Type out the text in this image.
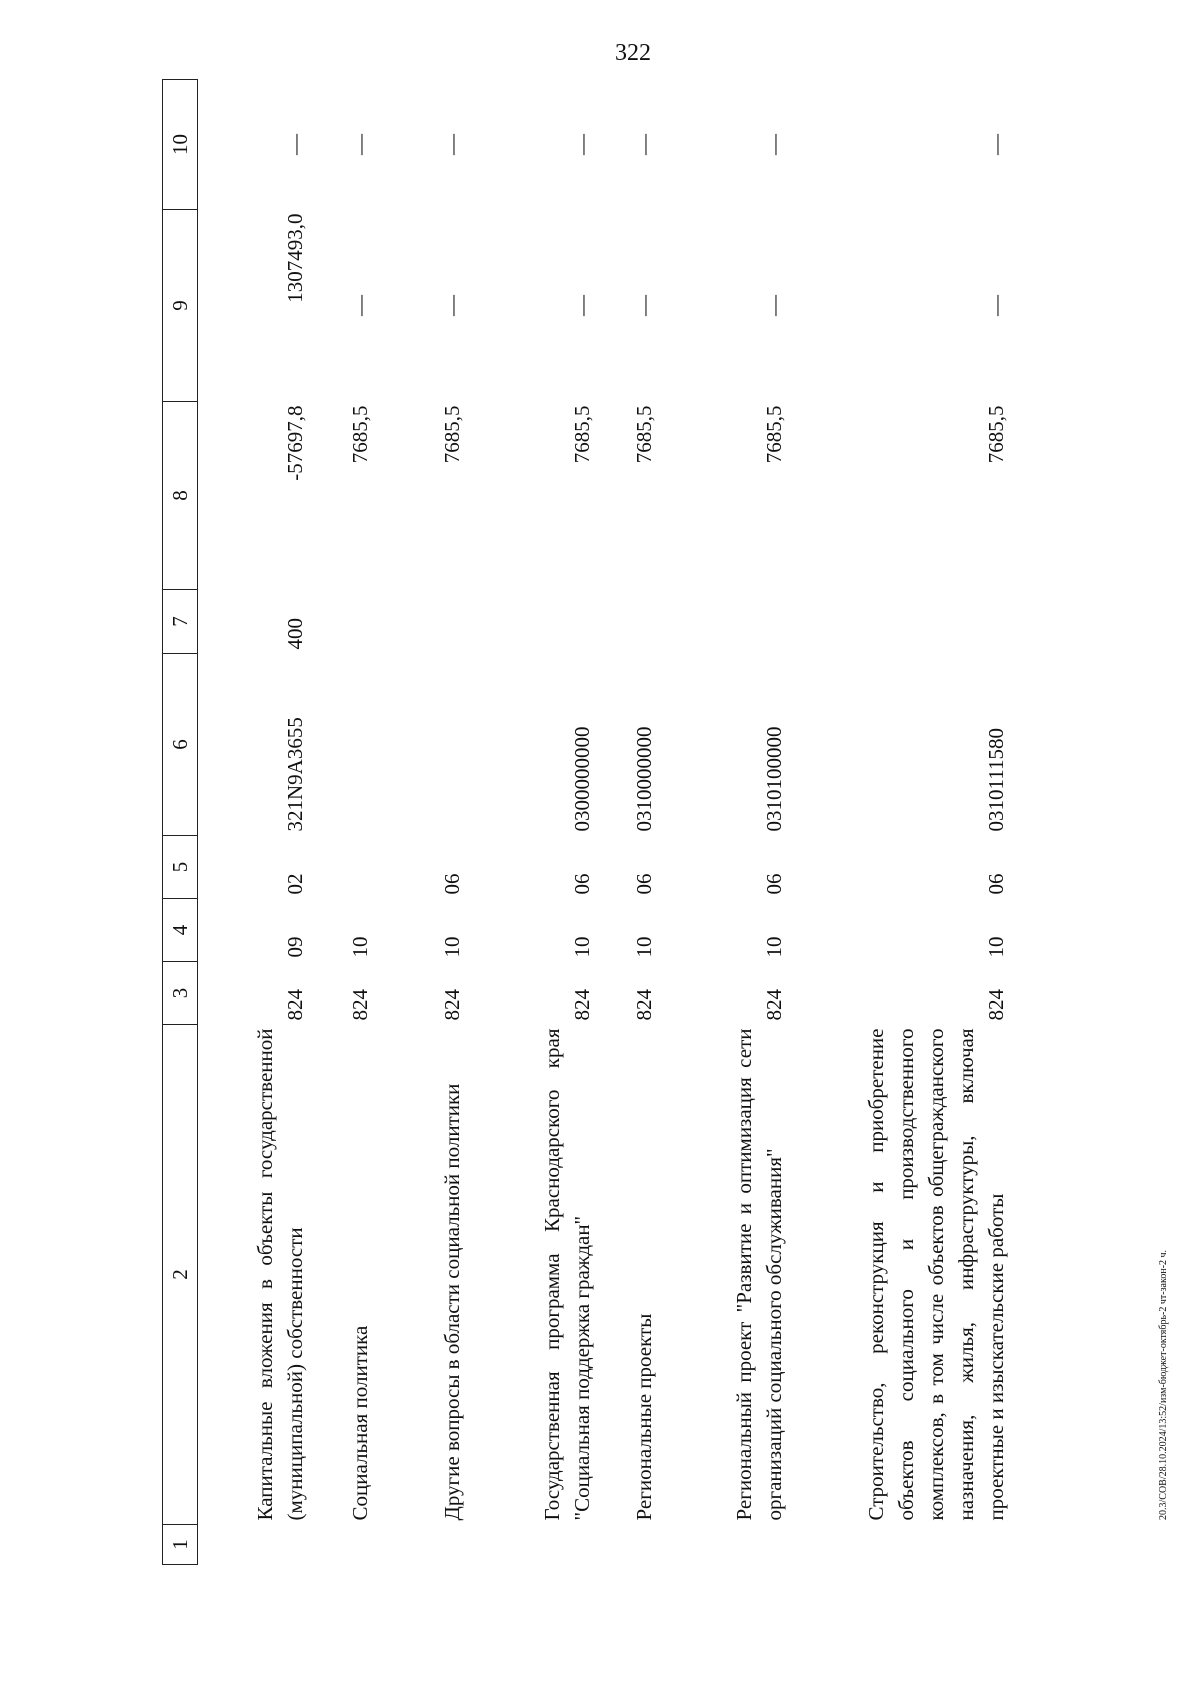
322
20.3/СОВ/28.10.2024/13:52/изм-бюджет-октябрь-2 чт-закон-2 ч.
1	2	3	4	5	6	7	8	9	10
	Капитальные вложения в объекты государственной (муниципальной) собственности	824	09	02	321N9A3655	400	-57697,8	1307493,0	—
	Социальная политика	824	10				7685,5	—	—
	Другие вопросы в области социальной политики	824	10	06			7685,5	—	—
	Государственная программа Краснодарского края "Социальная поддержка граждан"	824	10	06	0300000000		7685,5	—	—
	Региональные проекты	824	10	06	0310000000		7685,5	—	—
	Региональный проект "Развитие и оптимизация сети организаций социального обслуживания"	824	10	06	0310100000		7685,5	—	—
	Строительство, реконструкция и приобретение объектов социального и производственного комплексов, в том числе объектов общегражданского назначения, жилья, инфраструктуры, включая проектные и изыскательские работы	824	10	06	0310111580		7685,5	—	—
